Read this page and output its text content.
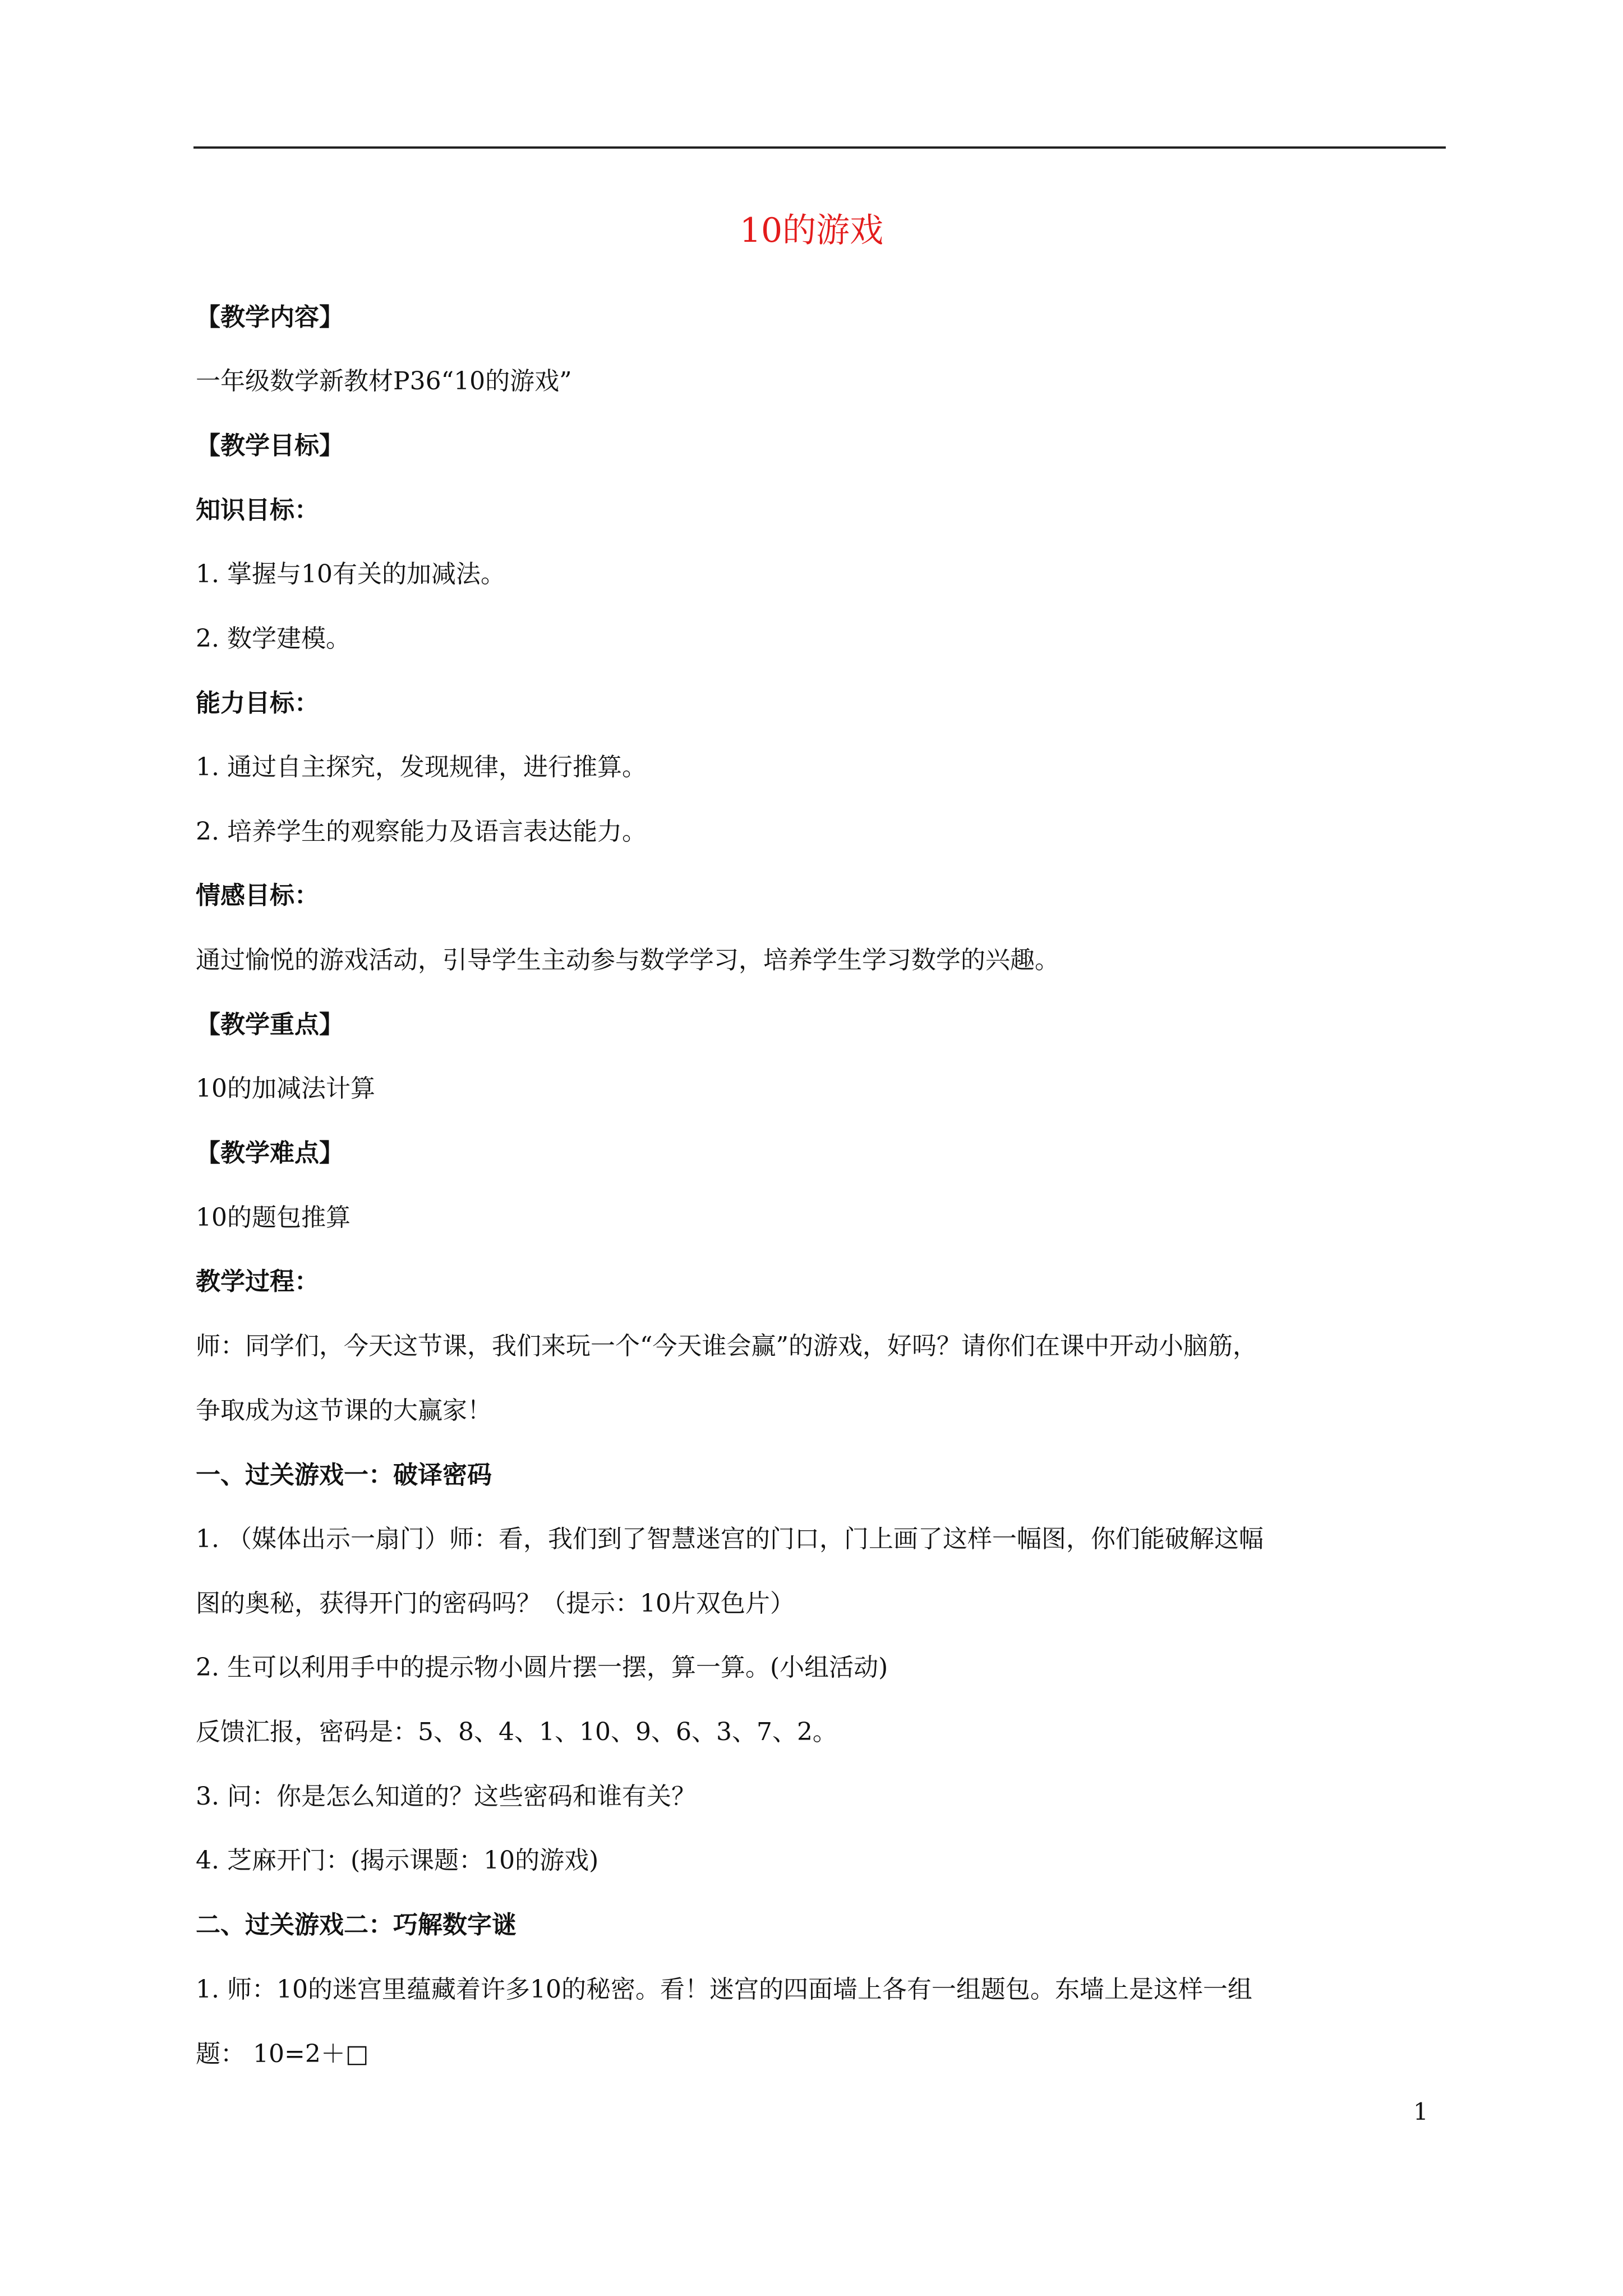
10的游戏
【教学内容】
一年级数学新教材P36“10的游戏”
【教学目标】
知识目标：
1. 掌握与10有关的加减法。
2. 数学建模。
能力目标：
1. 通过自主探究，发现规律，进行推算。
2. 培养学生的观察能力及语言表达能力。
情感目标：
通过愉悦的游戏活动，引导学生主动参与数学学习，培养学生学习数学的兴趣。
【教学重点】
10的加减法计算
【教学难点】
10的题包推算
教学过程：
师：同学们，今天这节课，我们来玩一个“今天谁会赢”的游戏，好吗？请你们在课中开动小脑筋，
争取成为这节课的大赢家！
一、过关游戏一：破译密码
1. （媒体出示一扇门）师：看，我们到了智慧迷宫的门口，门上画了这样一幅图，你们能破解这幅
图的奥秘，获得开门的密码吗？（提示：10片双色片）
2. 生可以利用手中的提示物小圆片摆一摆，算一算。(小组活动)
反馈汇报，密码是：5、8、4、1、10、9、6、3、7、2。
3. 问：你是怎么知道的？这些密码和谁有关？
4. 芝麻开门：(揭示课题：10的游戏)
二、过关游戏二：巧解数字谜
1. 师：10的迷宫里蕴藏着许多10的秘密。看！迷宫的四面墙上各有一组题包。东墙上是这样一组
题： 10=2＋□
1
